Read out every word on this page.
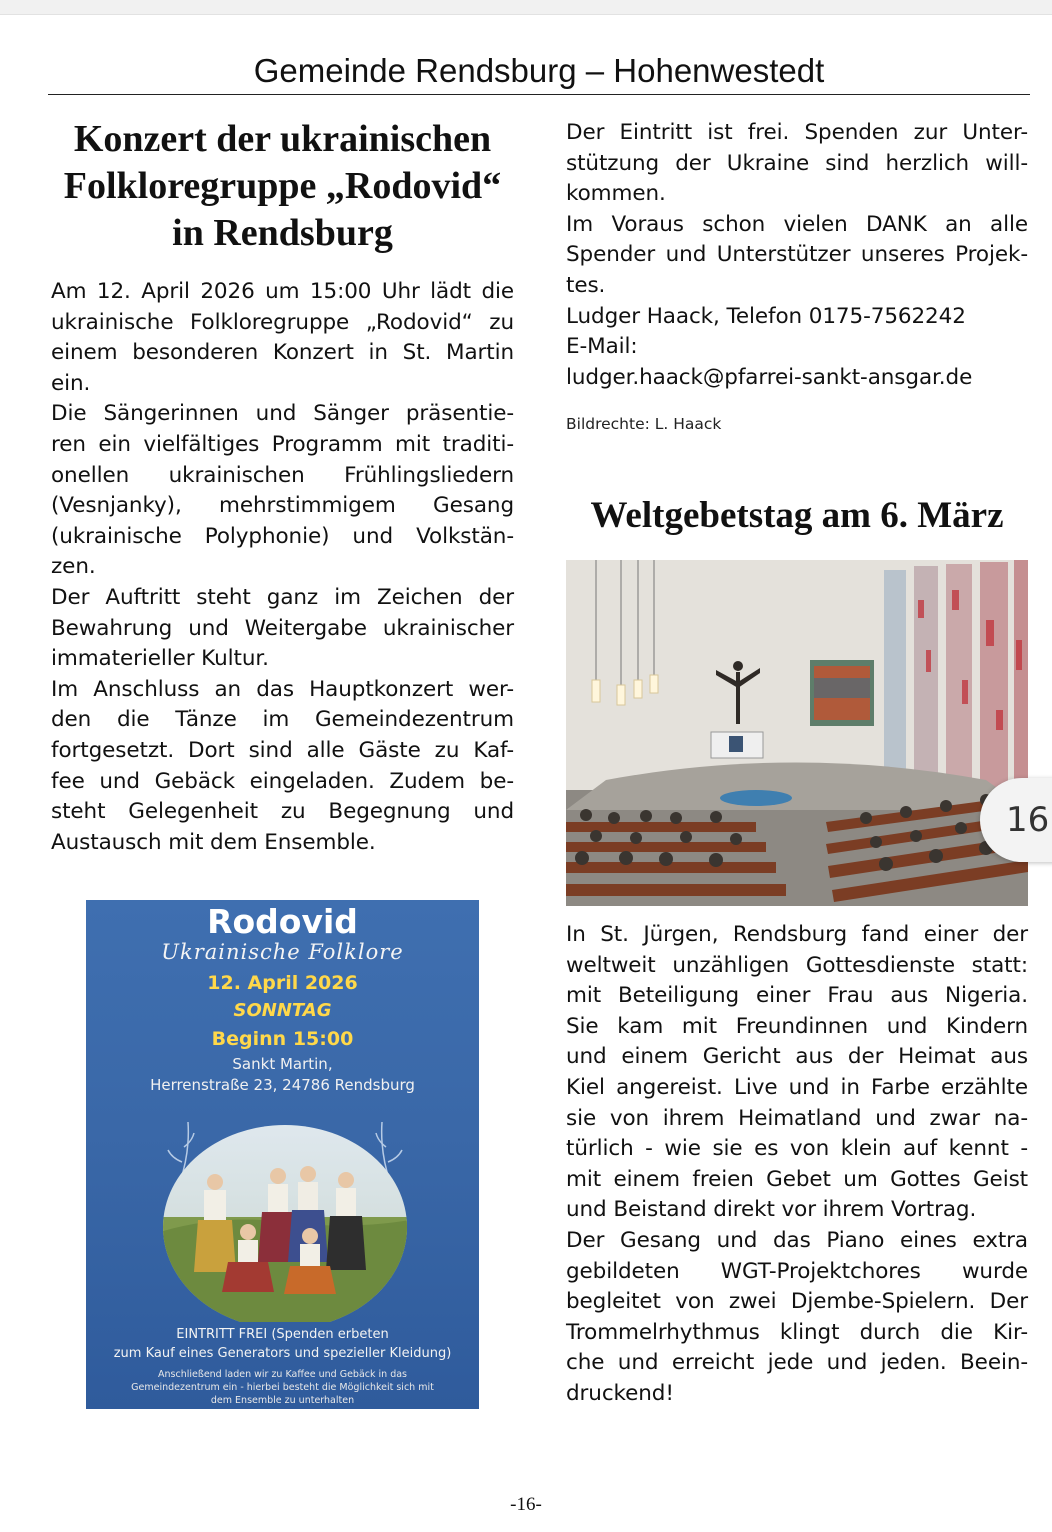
Gemeinde Rendsburg – Hohenwestedt
Konzert der ukrainischen
Folkloregruppe „Rodovid“
in Rendsburg

Am 12. April 2026 um 15:00 Uhr lädt die
ukrainische Folkloregruppe „Rodovid“ zu
einem besonderen Konzert in St. Martin
ein.

Die Sängerinnen und Sänger präsentie-
ren ein vielfältiges Programm mit traditi-
onellen ukrainischen Frühlingsliedern
(Vesnjanky), mehrstimmigem Gesang
(ukrainische Polyphonie) und Volkstän-
zen.

Der Auftritt steht ganz im Zeichen der
Bewahrung und Weitergabe ukrainischer
immaterieller Kultur.

Im Anschluss an das Hauptkonzert wer-
den die Tänze im Gemeindezentrum
fortgesetzt. Dort sind alle Gäste zu Kaf-
fee und Gebäck eingeladen. Zudem be-
steht Gelegenheit zu Begegnung und
Austausch mit dem Ensemble.

Rodovid
Ukrainische Folklore
12. April 2026
SONNTAG
Beginn 15:00
Sankt Martin,
Herrenstraße 23, 24786 Rendsburg
EINTRITT FREI (Spenden erbeten
zum Kauf eines Generators und spezieller Kleidung)
Anschließend laden wir zu Kaffee und Gebäck in das
Gemeindezentrum ein - hierbei besteht die Möglichkeit sich mit
dem Ensemble zu unterhalten

Der Eintritt ist frei. Spenden zur Unter-
stützung der Ukraine sind herzlich will-
kommen.

Im Voraus schon vielen DANK an alle
Spender und Unterstützer unseres Projek-
tes.

Ludger Haack, Telefon 0175-7562242

E-Mail:

ludger.haack@pfarrei-sankt-ansgar.de

Bildrechte: L. Haack
Weltgebetstag am 6. März

In St. Jürgen, Rendsburg fand einer der
weltweit unzähligen Gottesdienste statt:
mit Beteiligung einer Frau aus Nigeria.
Sie kam mit Freundinnen und Kindern
und einem Gericht aus der Heimat aus
Kiel angereist. Live und in Farbe erzählte
sie von ihrem Heimatland und zwar na-
türlich - wie sie es von klein auf kennt -
mit einem freien Gebet um Gottes Geist
und Beistand direkt vor ihrem Vortrag.

Der Gesang und das Piano eines extra
gebildeten WGT-Projektchores wurde
begleitet von zwei Djembe-Spielern. Der
Trommelrhythmus klingt durch die Kir-
che und erreicht jede und jeden. Beein-
druckend!

16
-16-
